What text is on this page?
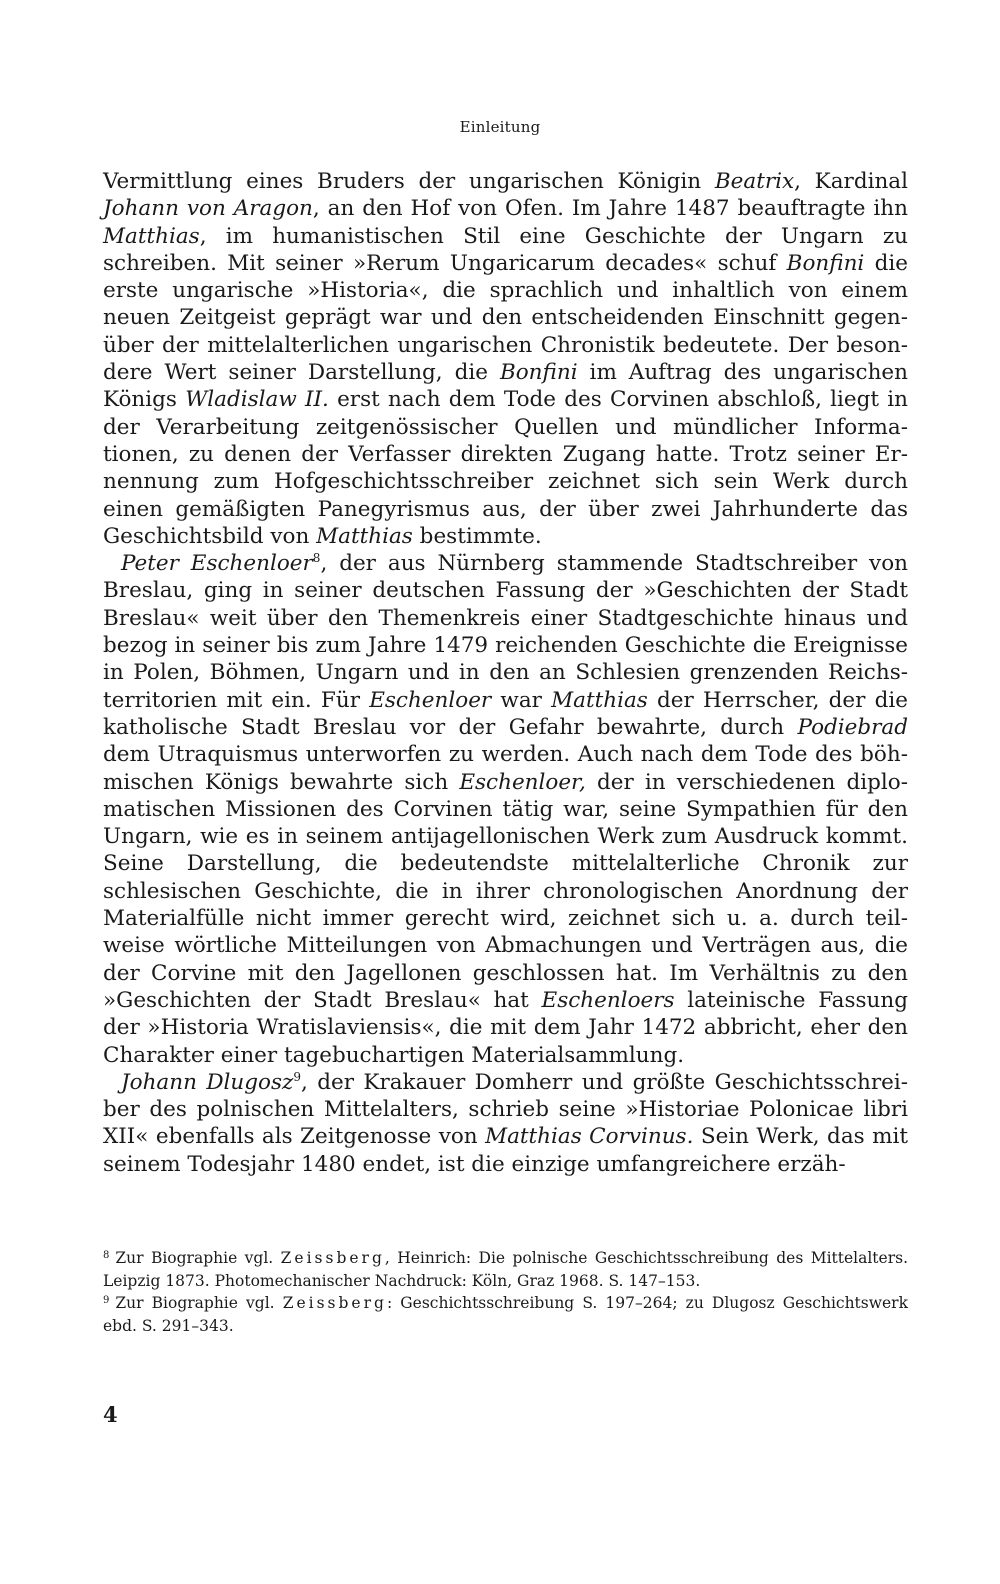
Einleitung

Vermittlung eines Bruders der ungarischen Königin Beatrix, Kardinal Johann von Aragon, an den Hof von Ofen. Im Jahre 1487 beauftragte ihn Matthias, im humanistischen Stil eine Geschichte der Ungarn zu schreiben. Mit seiner »Rerum Ungaricarum decades« schuf Bonfini die erste ungarische »Historia«, die sprachlich und inhaltlich von einem neuen Zeitgeist geprägt war und den entscheidenden Einschnitt gegenüber der mittelalterlichen ungarischen Chronistik bedeutete. Der besondere Wert seiner Darstellung, die Bonfini im Auftrag des ungarischen Königs Wladislaw II. erst nach dem Tode des Corvinen abschloß, liegt in der Verarbeitung zeitgenössischer Quellen und mündlicher Informationen, zu denen der Verfasser direkten Zugang hatte. Trotz seiner Ernennung zum Hofgeschichtsschreiber zeichnet sich sein Werk durch einen gemäßigten Panegyrismus aus, der über zwei Jahrhunderte das Geschichtsbild von Matthias bestimmte.

Peter Eschenloer$^8$, der aus Nürnberg stammende Stadtschreiber von Breslau, ging in seiner deutschen Fassung der »Geschichten der Stadt Breslau« weit über den Themenkreis einer Stadtgeschichte hinaus und bezog in seiner bis zum Jahre 1479 reichenden Geschichte die Ereignisse in Polen, Böhmen, Ungarn und in den an Schlesien grenzenden Reichsterritorien mit ein. Für Eschenloer war Matthias der Herrscher, der die katholische Stadt Breslau vor der Gefahr bewahrte, durch Podiebrad dem Utraquismus unterworfen zu werden. Auch nach dem Tode des böhmischen Königs bewahrte sich Eschenloer, der in verschiedenen diplomatischen Missionen des Corvinen tätig war, seine Sympathien für den Ungarn, wie es in seinem antijagellonischen Werk zum Ausdruck kommt. Seine Darstellung, die bedeutendste mittelalterliche Chronik zur schlesischen Geschichte, die in ihrer chronologischen Anordnung der Materialfülle nicht immer gerecht wird, zeichnet sich u. a. durch teilweise wörtliche Mitteilungen von Abmachungen und Verträgen aus, die der Corvine mit den Jagellonen geschlossen hat. Im Verhältnis zu den »Geschichten der Stadt Breslau« hat Eschenloers lateinische Fassung der »Historia Wratislaviensis«, die mit dem Jahr 1472 abbricht, eher den Charakter einer tagebuchartigen Materialsammlung.

Johann Dlugosz$^9$, der Krakauer Domherr und größte Geschichtsschreiber des polnischen Mittelalters, schrieb seine »Historiae Polonicae libri XII« ebenfalls als Zeitgenosse von Matthias Corvinus. Sein Werk, das mit seinem Todesjahr 1480 endet, ist die einzige umfangreichere erzäh-

$^8$ Zur Biographie vgl. Zeissberg, Heinrich: Die polnische Geschichtsschreibung des Mittelalters. Leipzig 1873. Photomechanischer Nachdruck: Köln, Graz 1968. S. 147–153.

$^9$ Zur Biographie vgl. Zeissberg: Geschichtsschreibung S. 197–264; zu Dlugosz Geschichtswerk ebd. S. 291–343.

4
